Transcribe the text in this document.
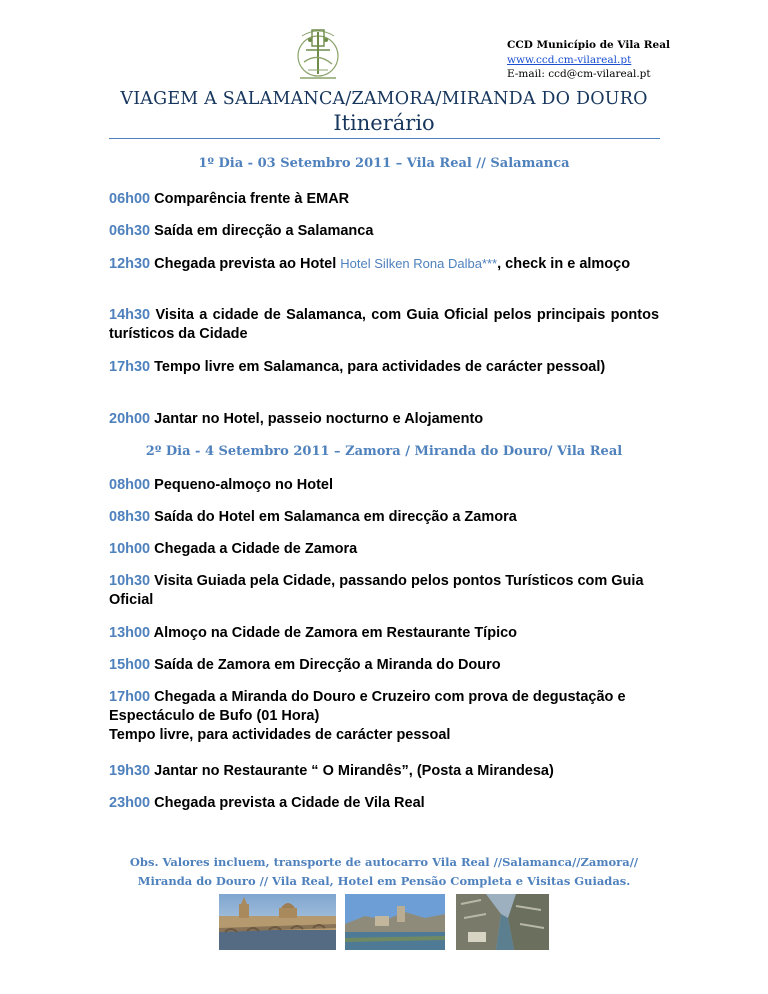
CCD Município de Vila Real
www.ccd.cm-vilareal.pt
E-mail: ccd@cm-vilareal.pt
VIAGEM A SALAMANCA/ZAMORA/MIRANDA DO DOURO
Itinerário
1º Dia - 03 Setembro 2011 – Vila Real // Salamanca
06h00 Comparência frente à EMAR
06h30 Saída em direcção a Salamanca
12h30 Chegada prevista ao Hotel Hotel Silken Rona Dalba***, check in e almoço
14h30 Visita a cidade de Salamanca, com Guia Oficial pelos principais pontos turísticos da Cidade
17h30 Tempo livre em Salamanca, para actividades de carácter pessoal)
20h00 Jantar no Hotel, passeio nocturno e Alojamento
2º Dia - 4 Setembro 2011 – Zamora / Miranda do Douro/ Vila Real
08h00 Pequeno-almoço no Hotel
08h30 Saída do Hotel em Salamanca em direcção a Zamora
10h00 Chegada a Cidade de Zamora
10h30 Visita Guiada pela Cidade, passando pelos pontos Turísticos com Guia Oficial
13h00 Almoço na Cidade de Zamora em Restaurante Típico
15h00 Saída de Zamora em Direcção a Miranda do Douro
17h00 Chegada a Miranda do Douro e Cruzeiro com prova de degustação e Espectáculo de Bufo (01 Hora)
Tempo livre, para actividades de carácter pessoal
19h30 Jantar no Restaurante “ O Mirandês”, (Posta a Mirandesa)
23h00 Chegada prevista a Cidade de Vila Real
Obs. Valores incluem, transporte de autocarro Vila Real //Salamanca//Zamora//
Miranda do Douro // Vila Real, Hotel em Pensão Completa e Visitas Guiadas.
